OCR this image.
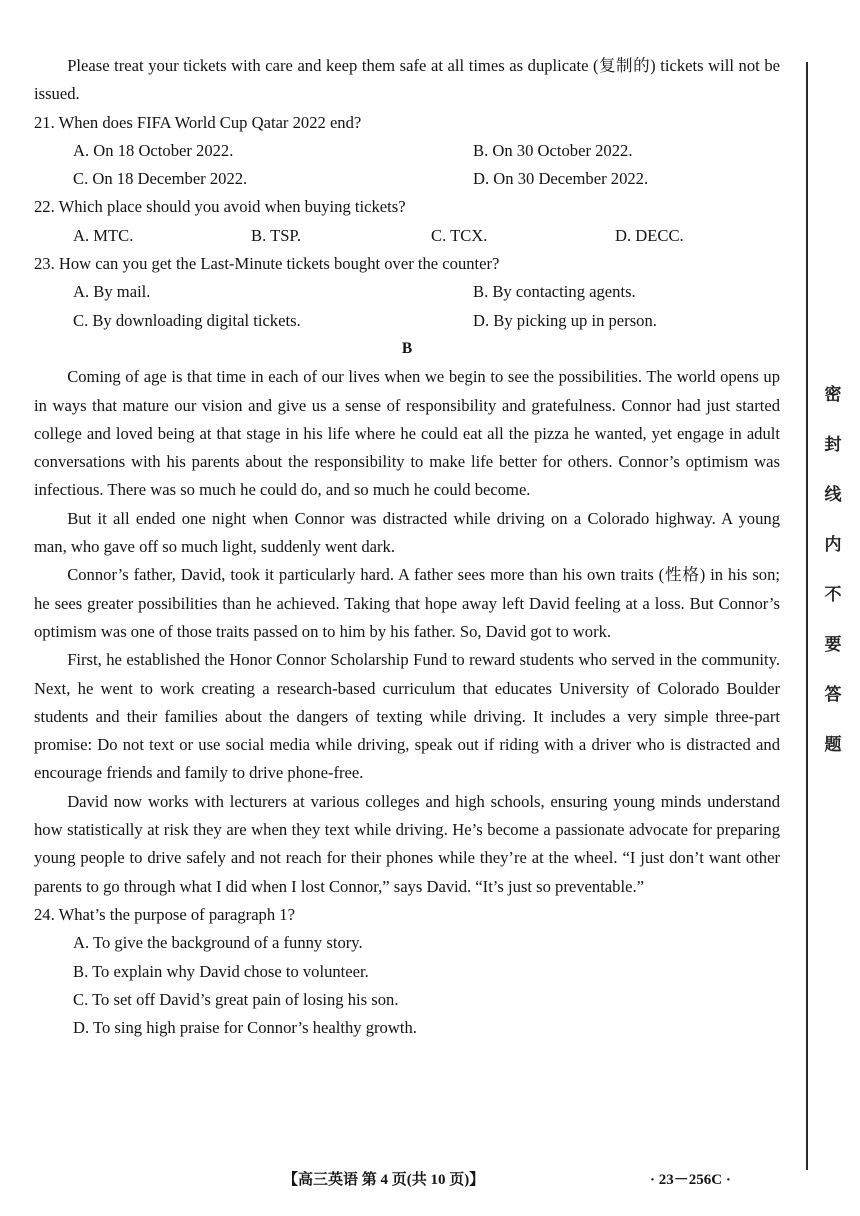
Please treat your tickets with care and keep them safe at all times as duplicate (复制的) tickets will not be issued.

21. When does FIFA World Cup Qatar 2022 end?

A. On 18 October 2022.	B. On 30 October 2022.
C. On 18 December 2022.	D. On 30 December 2022.

22. Which place should you avoid when buying tickets?

A. MTC.	B. TSP.	C. TCX.	D. DECC.

23. How can you get the Last-Minute tickets bought over the counter?

A. By mail.	B. By contacting agents.
C. By downloading digital tickets.	D. By picking up in person.

B

Coming of age is that time in each of our lives when we begin to see the possibilities. The world opens up in ways that mature our vision and give us a sense of responsibility and gratefulness. Connor had just started college and loved being at that stage in his life where he could eat all the pizza he wanted, yet engage in adult conversations with his parents about the responsibility to make life better for others. Connor’s optimism was infectious. There was so much he could do, and so much he could become.

But it all ended one night when Connor was distracted while driving on a Colorado highway. A young man, who gave off so much light, suddenly went dark.

Connor’s father, David, took it particularly hard. A father sees more than his own traits (性格) in his son; he sees greater possibilities than he achieved. Taking that hope away left David feeling at a loss. But Connor’s optimism was one of those traits passed on to him by his father. So, David got to work.

First, he established the Honor Connor Scholarship Fund to reward students who served in the community. Next, he went to work creating a research-based curriculum that educates University of Colorado Boulder students and their families about the dangers of texting while driving. It includes a very simple three-part promise: Do not text or use social media while driving, speak out if riding with a driver who is distracted and encourage friends and family to drive phone-free.

David now works with lecturers at various colleges and high schools, ensuring young minds understand how statistically at risk they are when they text while driving. He’s become a passionate advocate for preparing young people to drive safely and not reach for their phones while they’re at the wheel. “I just don’t want other parents to go through what I did when I lost Connor,” says David. “It’s just so preventable.”

24. What’s the purpose of paragraph 1?

A. To give the background of a funny story.

B. To explain why David chose to volunteer.

C. To set off David’s great pain of losing his son.

D. To sing high praise for Connor’s healthy growth.

密
封
线
内
不
要
答
题
【高三英语 第 4 页(共 10 页)】	· 23－256C ·
